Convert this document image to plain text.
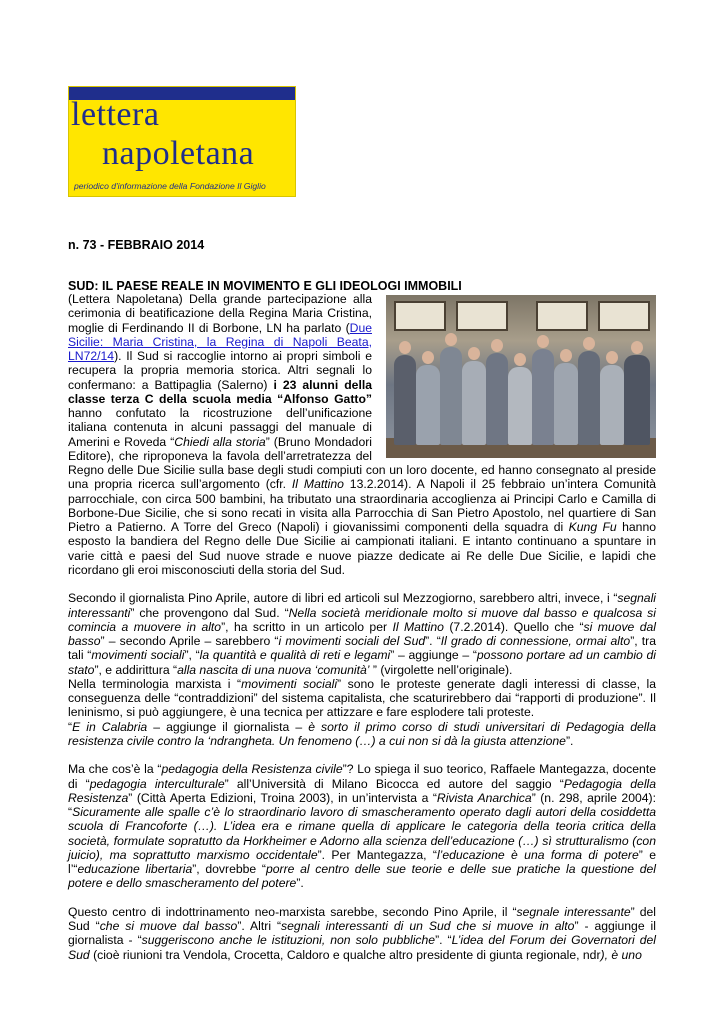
lettera
napoletana
periodico d'informazione della Fondazione Il Giglio
n. 73 - FEBBRAIO 2014
SUD: IL PAESE REALE IN MOVIMENTO E GLI IDEOLOGI IMMOBILI

(Lettera Napoletana) Della grande partecipazione alla cerimonia di beatificazione della Regina Maria Cristina, moglie di Ferdinando II di Borbone, LN ha parlato (Due Sicilie: Maria Cristina, la Regina di Napoli Beata, LN72/14). Il Sud si raccoglie intorno ai propri simboli e recupera la propria memoria storica. Altri segnali lo confermano: a Battipaglia (Salerno) i 23 alunni della classe terza C della scuola media “Alfonso Gatto” hanno confutato la ricostruzione dell’unificazione italiana contenuta in alcuni passaggi del manuale di Amerini e Roveda “Chiedi alla storia” (Bruno Mondadori Editore), che riproponeva la favola dell’arretratezza del Regno delle Due Sicilie sulla base degli studi compiuti con un loro docente, ed hanno consegnato al preside una propria ricerca sull’argomento (cfr. Il Mattino 13.2.2014). A Napoli il 25 febbraio un’intera Comunità parrocchiale, con circa 500 bambini, ha tributato una straordinaria accoglienza ai Principi Carlo e Camilla di Borbone-Due Sicilie, che si sono recati in visita alla Parrocchia di San Pietro Apostolo, nel quartiere di San Pietro a Patierno. A Torre del Greco (Napoli) i giovanissimi componenti della squadra di Kung Fu hanno esposto la bandiera del Regno delle Due Sicilie ai campionati italiani. E intanto continuano a spuntare in varie città e paesi del Sud nuove strade e nuove piazze dedicate ai Re delle Due Sicilie, e lapidi che ricordano gli eroi misconosciuti della storia del Sud.

Secondo il giornalista Pino Aprile, autore di libri ed articoli sul Mezzogiorno, sarebbero altri, invece, i “segnali interessanti” che provengono dal Sud. “Nella società meridionale molto si muove dal basso e qualcosa si comincia a muovere in alto”, ha scritto in un articolo per Il Mattino (7.2.2014). Quello che “si muove dal basso” – secondo Aprile – sarebbero “i movimenti sociali del Sud”. “Il grado di connessione, ormai alto”, tra tali “movimenti sociali”, “la quantità e qualità di reti e legami” – aggiunge – “possono portare ad un cambio di stato”, e addirittura “alla nascita di una nuova ‘comunità’ ” (virgolette nell’originale).

Nella terminologia marxista i “movimenti sociali” sono le proteste generate dagli interessi di classe, la conseguenza delle “contraddizioni” del sistema capitalista, che scaturirebbero dai “rapporti di produzione”. Il leninismo, si può aggiungere, è una tecnica per attizzare e fare esplodere tali proteste.

“E in Calabria – aggiunge il giornalista – è sorto il primo corso di studi universitari di Pedagogia della resistenza civile contro la ‘ndrangheta. Un fenomeno (…) a cui non si dà la giusta attenzione”.

Ma che cos’è la “pedagogia della Resistenza civile”? Lo spiega il suo teorico, Raffaele Mantegazza, docente di “pedagogia interculturale” all’Università di Milano Bicocca ed autore del saggio “Pedagogia della Resistenza” (Città Aperta Edizioni, Troina 2003), in un’intervista a “Rivista Anarchica” (n. 298, aprile 2004): “Sicuramente alle spalle c’è lo straordinario lavoro di smascheramento operato dagli autori della cosiddetta scuola di Francoforte (…). L’idea era e rimane quella di applicare le categoria della teoria critica della società, formulate sopratutto da Horkheimer e Adorno alla scienza dell’educazione (…) sì strutturalismo (con juicio), ma soprattutto marxismo occidentale”. Per Mantegazza, “l’educazione è una forma di potere” e l’“educazione libertaria”, dovrebbe “porre al centro delle sue teorie e delle sue pratiche la questione del potere e dello smascheramento del potere”.

Questo centro di indottrinamento neo-marxista sarebbe, secondo Pino Aprile, il “segnale interessante” del Sud “che si muove dal basso”. Altri “segnali interessanti di un Sud che si muove in alto” - aggiunge il giornalista - “suggeriscono anche le istituzioni, non solo pubbliche”. “L’idea del Forum dei Governatori del Sud (cioè riunioni tra Vendola, Crocetta, Caldoro e qualche altro presidente di giunta regionale, ndr), è uno
